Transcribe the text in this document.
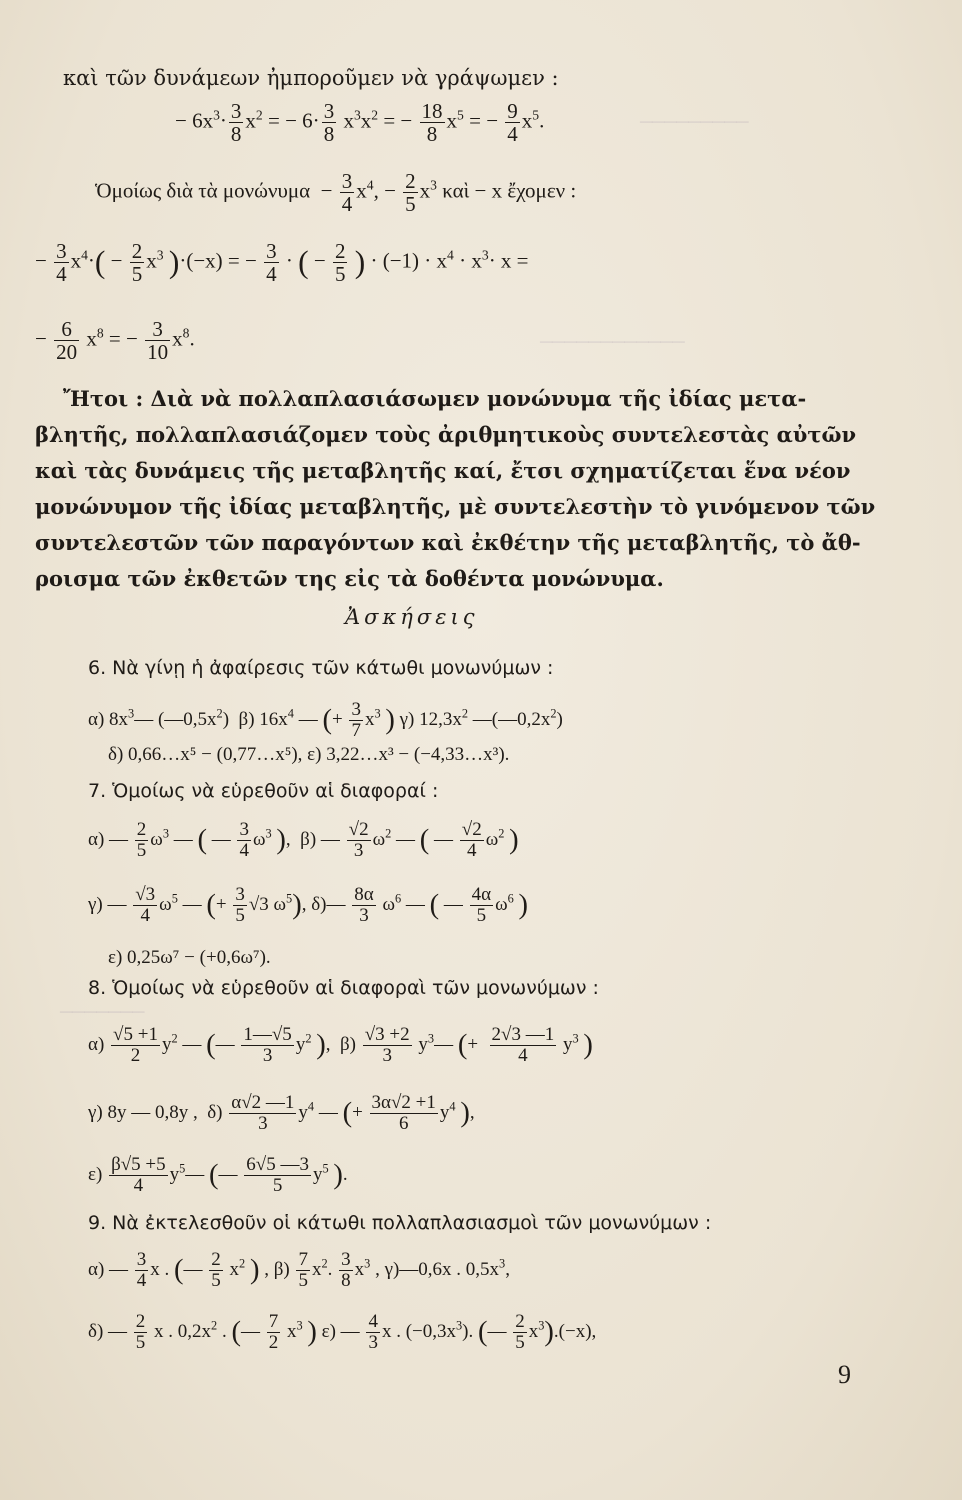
─────────
────────────
───────
καὶ τῶν δυνάμεων ἠμποροῦμεν νὰ γράψωμεν :
− $6x^3\cdot \frac{3}{8} x^2$ = − $6\cdot \frac{3}{8} x^3x^2$ = − $\frac{18}{8} x^5$ = − $\frac{9}{4} x^5$.
Ὁμοίως διὰ τὰ $\mu o\nu ώ\nu\upsilon\mu\alpha - \frac{3}{4} x^4$, − $\frac{2}{5} x^3$ καὶ − x ἔχομεν :
− $\frac{3}{4} x^4\cdot( - \frac{2}{5} x^3$ )·(−x) = − $\frac{3}{4}$ · ( − $\frac{2}{5}$ ) · $(-1) \cdot x^4 \cdot x^3\cdot x$ =
− $\frac{6}{20} x^8$ = − $\frac{3}{10} x^8$.
Ἤτοι : Διὰ νὰ πολλαπλασιάσωμεν μονώνυμα τῆς ἰδίας μετα-
βλητῆς, πολλαπλασιάζομεν τοὺς ἀριθμητικοὺς συντελεστὰς αὐτῶν
καὶ τὰς δυνάμεις τῆς μεταβλητῆς καί, ἔτσι σχηματίζεται ἕνα νέον
μονώνυμον τῆς ἰδίας μεταβλητῆς, μὲ συντελεστὴν τὸ γινόμενον τῶν
συντελεστῶν τῶν παραγόντων καὶ ἐκθέτην τῆς μεταβλητῆς, τὸ ἄθ-
ροισμα τῶν ἐκθετῶν της εἰς τὰ δοθέντα μονώνυμα.
Ἀσκήσεις
6. Νὰ γίνῃ ἡ ἀφαίρεσις τῶν κάτωθι μονωνύμων :
α) $8x^3—$ $(—0,5x^2)$  β) $16x^4$ — (+ $\frac{3}{7} x^3$ ) γ) $12,3x^2$ $—(—0,2x^2)$
δ) 0,66…x⁵ − (0,77…x⁵), ε) 3,22…x³ − (−4,33…x³).
7. Ὁμοίως νὰ εὑρεθοῦν αἱ διαφοραί :
α) — $\frac{2}{5} \omega^3$ — ( — $\frac{3}{4} \omega^3$ ),  β) — $\frac{√2}{3} \omega^2$ — ( — $\frac{√2}{4} \omega^2$ )
γ) — $\frac{√3}{4} \omega^5$ — (+ $\frac{3}{5} √3$ $\omega^5$), δ)— $\frac{8\alpha}{3} \omega^6$ — ( — $\frac{4\alpha}{5} \omega^6$ )
ε) 0,25ω⁷ − (+0,6ω⁷).
8. Ὁμοίως νὰ εὑρεθοῦν αἱ διαφοραὶ τῶν μονωνύμων :
$\alpha) \frac{√5 +1}{2} y^2$ — (— $\frac{1—√5}{3} y^2$ ),  $\beta) \frac{√3 +2}{3}$ $y^3—$ (+ $\frac{2√3 —1}{4} y^3$ )
γ) 8y — 0,8y ,  $\delta) \frac{\alpha√2 —1}{3} y^4$ — (+ $\frac{3\alpha√2 +1}{6} y^4$ ),
$\varepsilon) \frac{\beta√5 +5}{4}$ $y^5—$ (— $\frac{6√5 —3}{5} y^5$ ).
9. Νὰ ἐκτελεσθοῦν οἱ κάτωθι πολλαπλασιασμοὶ τῶν μονωνύμων :
α) — $\frac{3}{4}$ x . (— $\frac{2}{5} x^2$ ) , $\beta) \frac{7}{5} x^2$. $\frac{3}{8} x^3$ , γ)—0,6x . $0,5x^3$,
δ) — $\frac{2}{5}$ x . $0,2x^2$ . (— $\frac{7}{2} x^3$ ) ε) — $\frac{4}{3}$ x . $(-0,3x^3)$. (— $\frac{2}{5} x^3).(-x)$,
9
